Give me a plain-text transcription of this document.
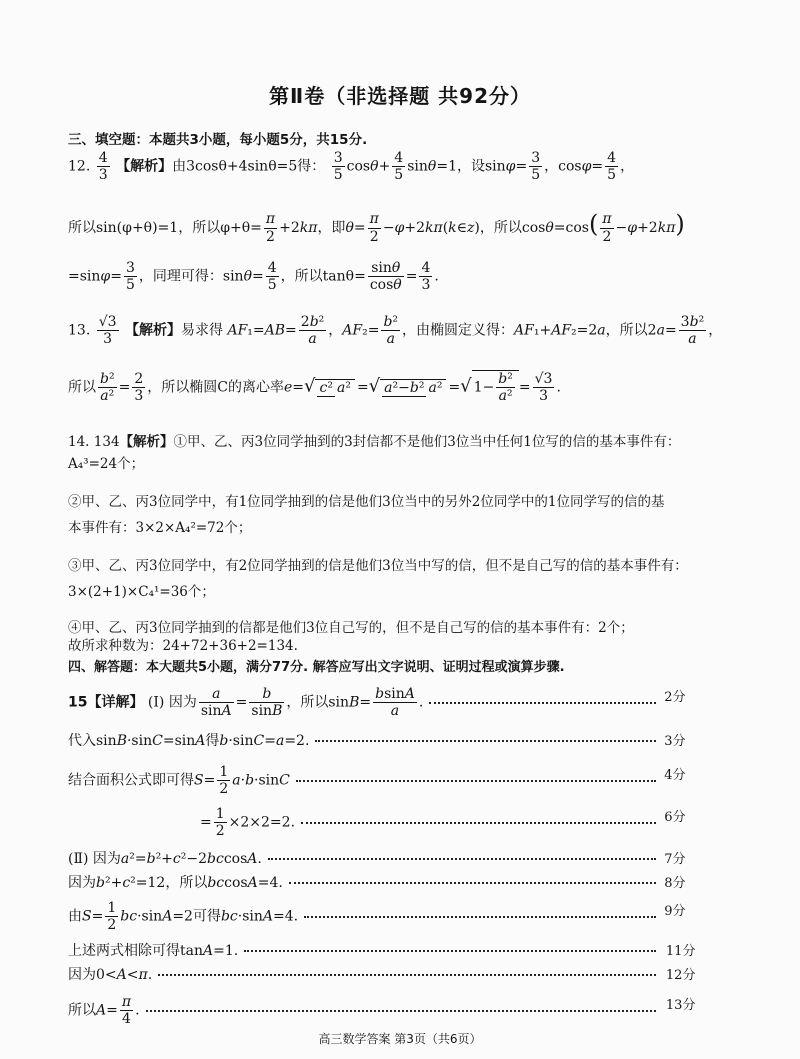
第Ⅱ卷（非选择题 共92分）
三、填空题：本题共3小题，每小题5分，共15分.
12. $\frac{4}{3}$ 【解析】由3cosθ+4sinθ=5得： $\frac{3}{5} \cos\theta+ \frac{4}{5} \sin\theta=1$，设$\sin\varphi= \frac{3}{5}$ ，$\cos\varphi= \frac{4}{5}$ ，
所以sin(φ+θ)=1，所以$\varphi+\theta= \frac{\pi}{2} +2k\pi$，即$\theta= \frac{\pi}{2}$ −φ+2kπ(k∈z)，所以$\cos\theta=\cos( \frac{\pi}{2} -\varphi+2k\pi)$
$=\sin\varphi= \frac{3}{5}$ ，同理可得：$\sin\theta= \frac{4}{5}$ ，所以$\tan\theta= \frac{\sin\theta}{\cos\theta} = \frac{4}{3}$ .
13. $\frac{√3}{3}$ 【解析】易求得 $AF_1=AB= \frac{\text{2b²}}{a}$ ，$AF_2= \frac{\text{b²}}{a}$ ，由椭圆定义得：AF₁+AF₂=2a，所以$2a= \frac{\text{3b²}}{a}$ ，
所以 $\frac{\text{b²}}{\text{a²}} = \frac{2}{3}$ ，所以椭圆C的离心率e=√ c² a² =√ a²−b² a² =√ $1- \frac{\text{b²}}{\text{a²}} = \frac{√3}{3}$ .
14. 134【解析】①甲、乙、丙3位同学抽到的3封信都不是他们3位当中任何1位写的信的基本事件有：
A₄³=24个；
②甲、乙、丙3位同学中，有1位同学抽到的信是他们3位当中的另外2位同学中的1位同学写的信的基
本事件有：3×2×A₄²=72个；
③甲、乙、丙3位同学中，有2位同学抽到的信是他们3位当中写的信，但不是自己写的信的基本事件有：
3×(2+1)×C₄¹=36个；
④甲、乙、丙3位同学抽到的信都是他们3位自己写的，但不是自己写的信的基本事件有：2个；
故所求种数为：24+72+36+2=134.
四、解答题：本大题共5小题，满分77分. 解答应写出文字说明、证明过程或演算步骤.
15【详解】 (Ⅰ) 因为 $\frac{a}{\sin A} = \frac{b}{\sin B}$ ，所以$\sin B= \frac{bsinA}{a}$ .	2分
代入sinB·sinC=sinA得b·sinC=a=2.	3分
结合面积公式即可得$S= \frac{1}{2} a\cdot b\cdot\sin C$	4分
= $\frac{1}{2} \times 2\times 2=2$.	6分
(Ⅱ) 因为a²=b²+c²−2bccosA.	7分
因为b²+c²=12，所以bccosA=4.	8分
由$S= \frac{1}{2} bc\cdot\sin A=2$可得bc·sinA=4.	9分
上述两式相除可得tanA=1.	11分
因为0<A<π.	12分
所以$A= \frac{\pi}{4}$ .	13分
高三数学答案 第3页（共6页）
